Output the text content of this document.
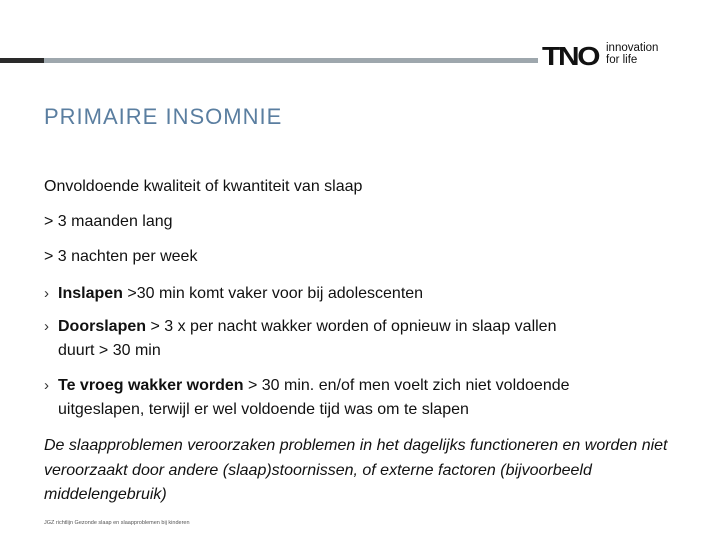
TNO innovation
for life
PRIMAIRE INSOMNIE

Onvoldoende kwaliteit of kwantiteit van slaap

> 3 maanden lang

> 3 nachten per week

› Inslapen >30 min komt vaker voor bij adolescenten
› Doorslapen > 3 x per nacht wakker worden of opnieuw in slaap vallen
duurt > 30 min
› Te vroeg wakker worden > 30 min. en/of men voelt zich niet voldoende
uitgeslapen, terwijl er wel voldoende tijd was om te slapen

De slaapproblemen veroorzaken problemen in het dagelijks functioneren en worden niet veroorzaakt door andere (slaap)stoornissen, of externe factoren (bijvoorbeeld middelengebruik)

JGZ richtlijn Gezonde slaap en slaapproblemen bij kinderen
